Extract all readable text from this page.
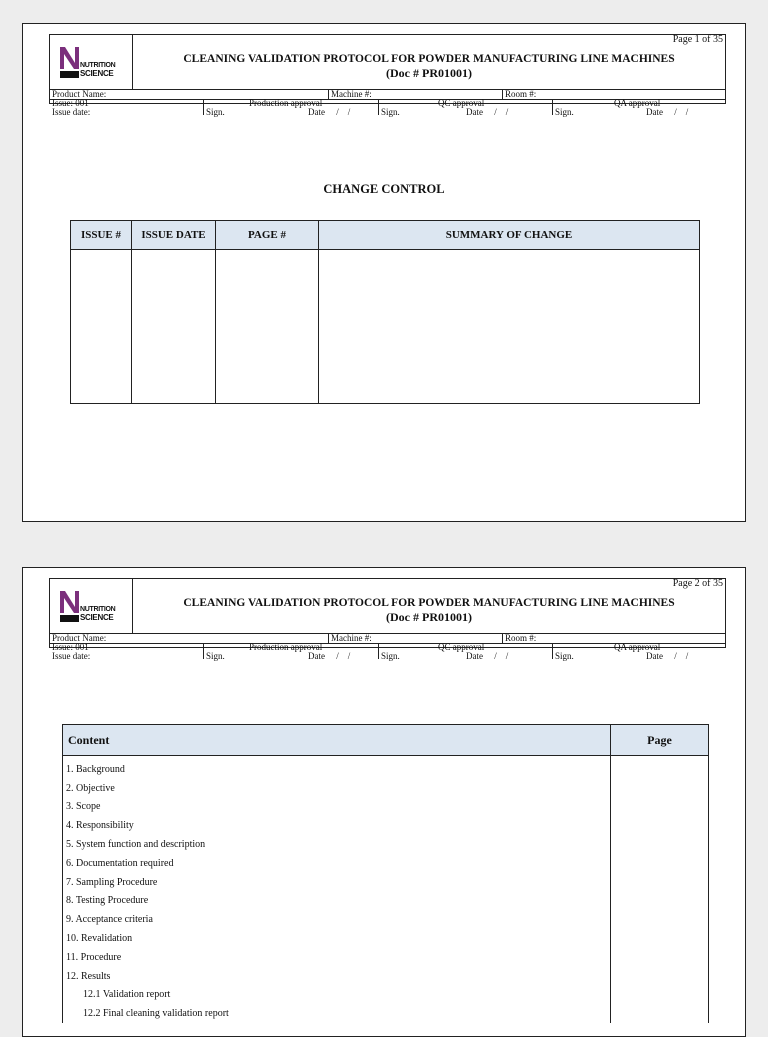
NUTRITION
SCIENCE
Page 1 of 35
CLEANING VALIDATION PROTOCOL FOR POWDER MANUFACTURING LINE MACHINES
(Doc # PR01001)
Product Name:	Machine #:	Room #:
Issue: 001
Issue date:
Production approval
Sign.	Date     /    /
QC approval
Sign.	Date     /    /
QA approval
Sign.	Date     /    /
CHANGE CONTROL
ISSUE #	ISSUE DATE	PAGE #	SUMMARY OF CHANGE

NUTRITION
SCIENCE
Page 2 of 35
CLEANING VALIDATION PROTOCOL FOR POWDER MANUFACTURING LINE MACHINES
(Doc # PR01001)
Product Name:	Machine #:	Room #:
Issue: 001
Issue date:
Production approval
Sign.	Date     /    /
QC approval
Sign.	Date     /    /
QA approval
Sign.	Date     /    /
Content	Page
1. Background	
2. Objective	
3. Scope	
4. Responsibility	
5. System function and description	
6. Documentation required	
7. Sampling Procedure	
8. Testing Procedure	
9. Acceptance criteria	
10. Revalidation	
11. Procedure	
12. Results	
12.1 Validation report	
12.2 Final cleaning validation report	
